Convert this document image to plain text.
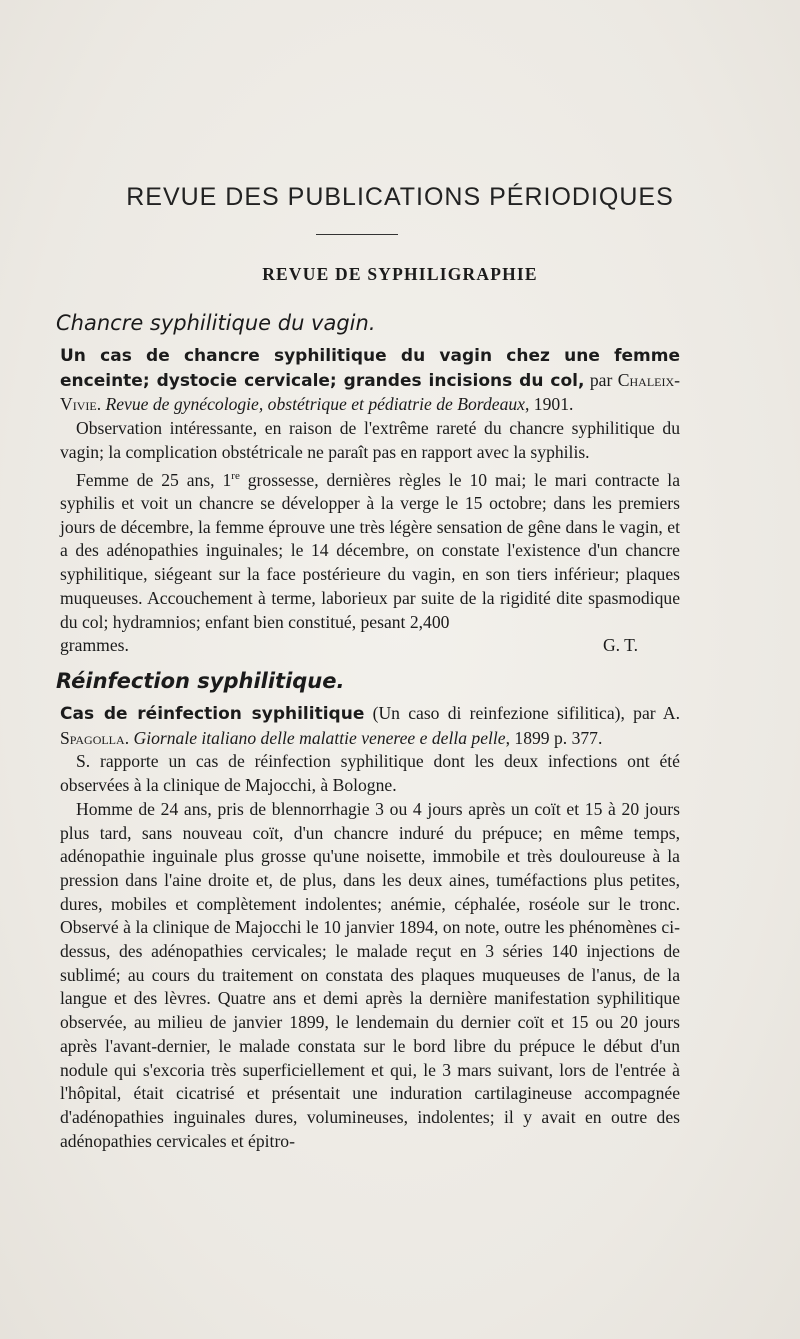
REVUE DES PUBLICATIONS PÉRIODIQUES
REVUE DE SYPHILIGRAPHIE
Chancre syphilitique du vagin.

Un cas de chancre syphilitique du vagin chez une femme enceinte; dystocie cervicale; grandes incisions du col, par Chaleix-Vivie. Revue de gynécologie, obstétrique et pédiatrie de Bordeaux, 1901.

Observation intéressante, en raison de l'extrême rareté du chancre syphilitique du vagin; la complication obstétricale ne paraît pas en rapport avec la syphilis.

Femme de 25 ans, 1re grossesse, dernières règles le 10 mai; le mari contracte la syphilis et voit un chancre se développer à la verge le 15 octobre; dans les premiers jours de décembre, la femme éprouve une très légère sensation de gêne dans le vagin, et a des adénopathies inguinales; le 14 décembre, on constate l'existence d'un chancre syphilitique, siégeant sur la face postérieure du vagin, en son tiers inférieur; plaques muqueuses. Accouchement à terme, laborieux par suite de la rigidité dite spasmodique du col; hydramnios; enfant bien constitué, pesant 2,400

grammes.	G. T.
Réinfection syphilitique.

Cas de réinfection syphilitique (Un caso di reinfezione sifilitica), par A. Spagolla. Giornale italiano delle malattie veneree e della pelle, 1899 p. 377.

S. rapporte un cas de réinfection syphilitique dont les deux infections ont été observées à la clinique de Majocchi, à Bologne.

Homme de 24 ans, pris de blennorrhagie 3 ou 4 jours après un coït et 15 à 20 jours plus tard, sans nouveau coït, d'un chancre induré du prépuce; en même temps, adénopathie inguinale plus grosse qu'une noisette, immobile et très douloureuse à la pression dans l'aine droite et, de plus, dans les deux aines, tuméfactions plus petites, dures, mobiles et complètement indolentes; anémie, céphalée, roséole sur le tronc. Observé à la clinique de Majocchi le 10 janvier 1894, on note, outre les phénomènes ci-dessus, des adénopathies cervicales; le malade reçut en 3 séries 140 injections de sublimé; au cours du traitement on constata des plaques muqueuses de l'anus, de la langue et des lèvres. Quatre ans et demi après la dernière manifestation syphilitique observée, au milieu de janvier 1899, le lendemain du dernier coït et 15 ou 20 jours après l'avant-dernier, le malade constata sur le bord libre du prépuce le début d'un nodule qui s'excoria très superficiellement et qui, le 3 mars suivant, lors de l'entrée à l'hôpital, était cicatrisé et présentait une induration cartilagineuse accompagnée d'adénopathies inguinales dures, volumineuses, indolentes; il y avait en outre des adénopathies cervicales et épitro-
